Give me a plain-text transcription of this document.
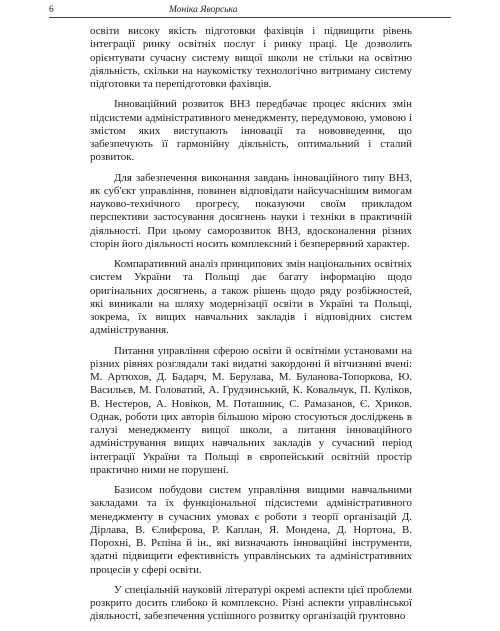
6	Моніка Яворська

освіти високу якість підготовки фахівців і підвищити рівень інтеграції ринку освітніх послуг і ринку праці. Це дозволить орієнтувати сучасну систему вищої школи не стільки на освітню діяльність, скільки на наукомістку технологічно витриману систему підготовки та перепідготовки фахівців.

Інноваційний розвиток ВНЗ передбачає процес якісних змін підсистеми адміністративного менеджменту, передумовою, умовою і змістом яких виступають інновації та нововведення, що забезпечують її гармонійну діяльність, оптимальний і сталий розвиток.

Для забезпечення виконання завдань інноваційного типу ВНЗ, як суб'єкт управління, повинен відповідати найсучаснішим вимогам науково-технічного прогресу, показуючи своїм прикладом перспективи застосування досягнень науки і техніки в практичній діяльності. При цьому саморозвиток ВНЗ, вдосконалення різних сторін його діяльності носить комплексний і безперервний характер.

Компаративний аналіз принципових змін національних освітніх систем України та Польщі дає багату інформацію щодо оригінальних досягнень, а також рішень щодо ряду розбіжностей, які виникали на шляху модернізації освіти в Україні та Польщі, зокрема, їх вищих навчальних закладів і відповідних систем адміністрування.

Питання управління сферою освіти й освітніми установами на різних рівнях розглядали такі видатні закордонні й вітчизняні вчені: М. Артюхов, Д. Бадарч, М. Берулава, М. Буланова-Топоркова, Ю. Васильєв, М. Головатий, А. Грудзинський, К. Ковальчук, П. Куліков, В. Нестеров, А. Новіков, М. Поташник, С. Рамазанов, Є. Хриков. Однак, роботи цих авторів більшою мірою стосуються досліджень в галузі менеджменту вищої школи, а питання інноваційного адміністрування вищих навчальних закладів у сучасний період інтеграції України та Польщі в європейський освітній простір практично ними не порушені.

Базисом побудови систем управління вищими навчальними закладами та їх функціональної підсистеми адміністративного менеджменту в сучасних умовах є роботи з теорії організацій Д. Дірлава, В. Єлифєрова, Р. Каплан, Я. Мондена, Д. Нортона, В. Порохні, В. Рєпіна й ін., які визначають інноваційні інструменти, здатні підвищити ефективність управлінських та адміністративних процесів у сфері освіти.

У спеціальній науковій літературі окремі аспекти цієї проблеми розкрито досить глибоко й комплексно. Різні аспекти управлінської діяльності, забезпечення успішного розвитку організацій ґрунтовно
